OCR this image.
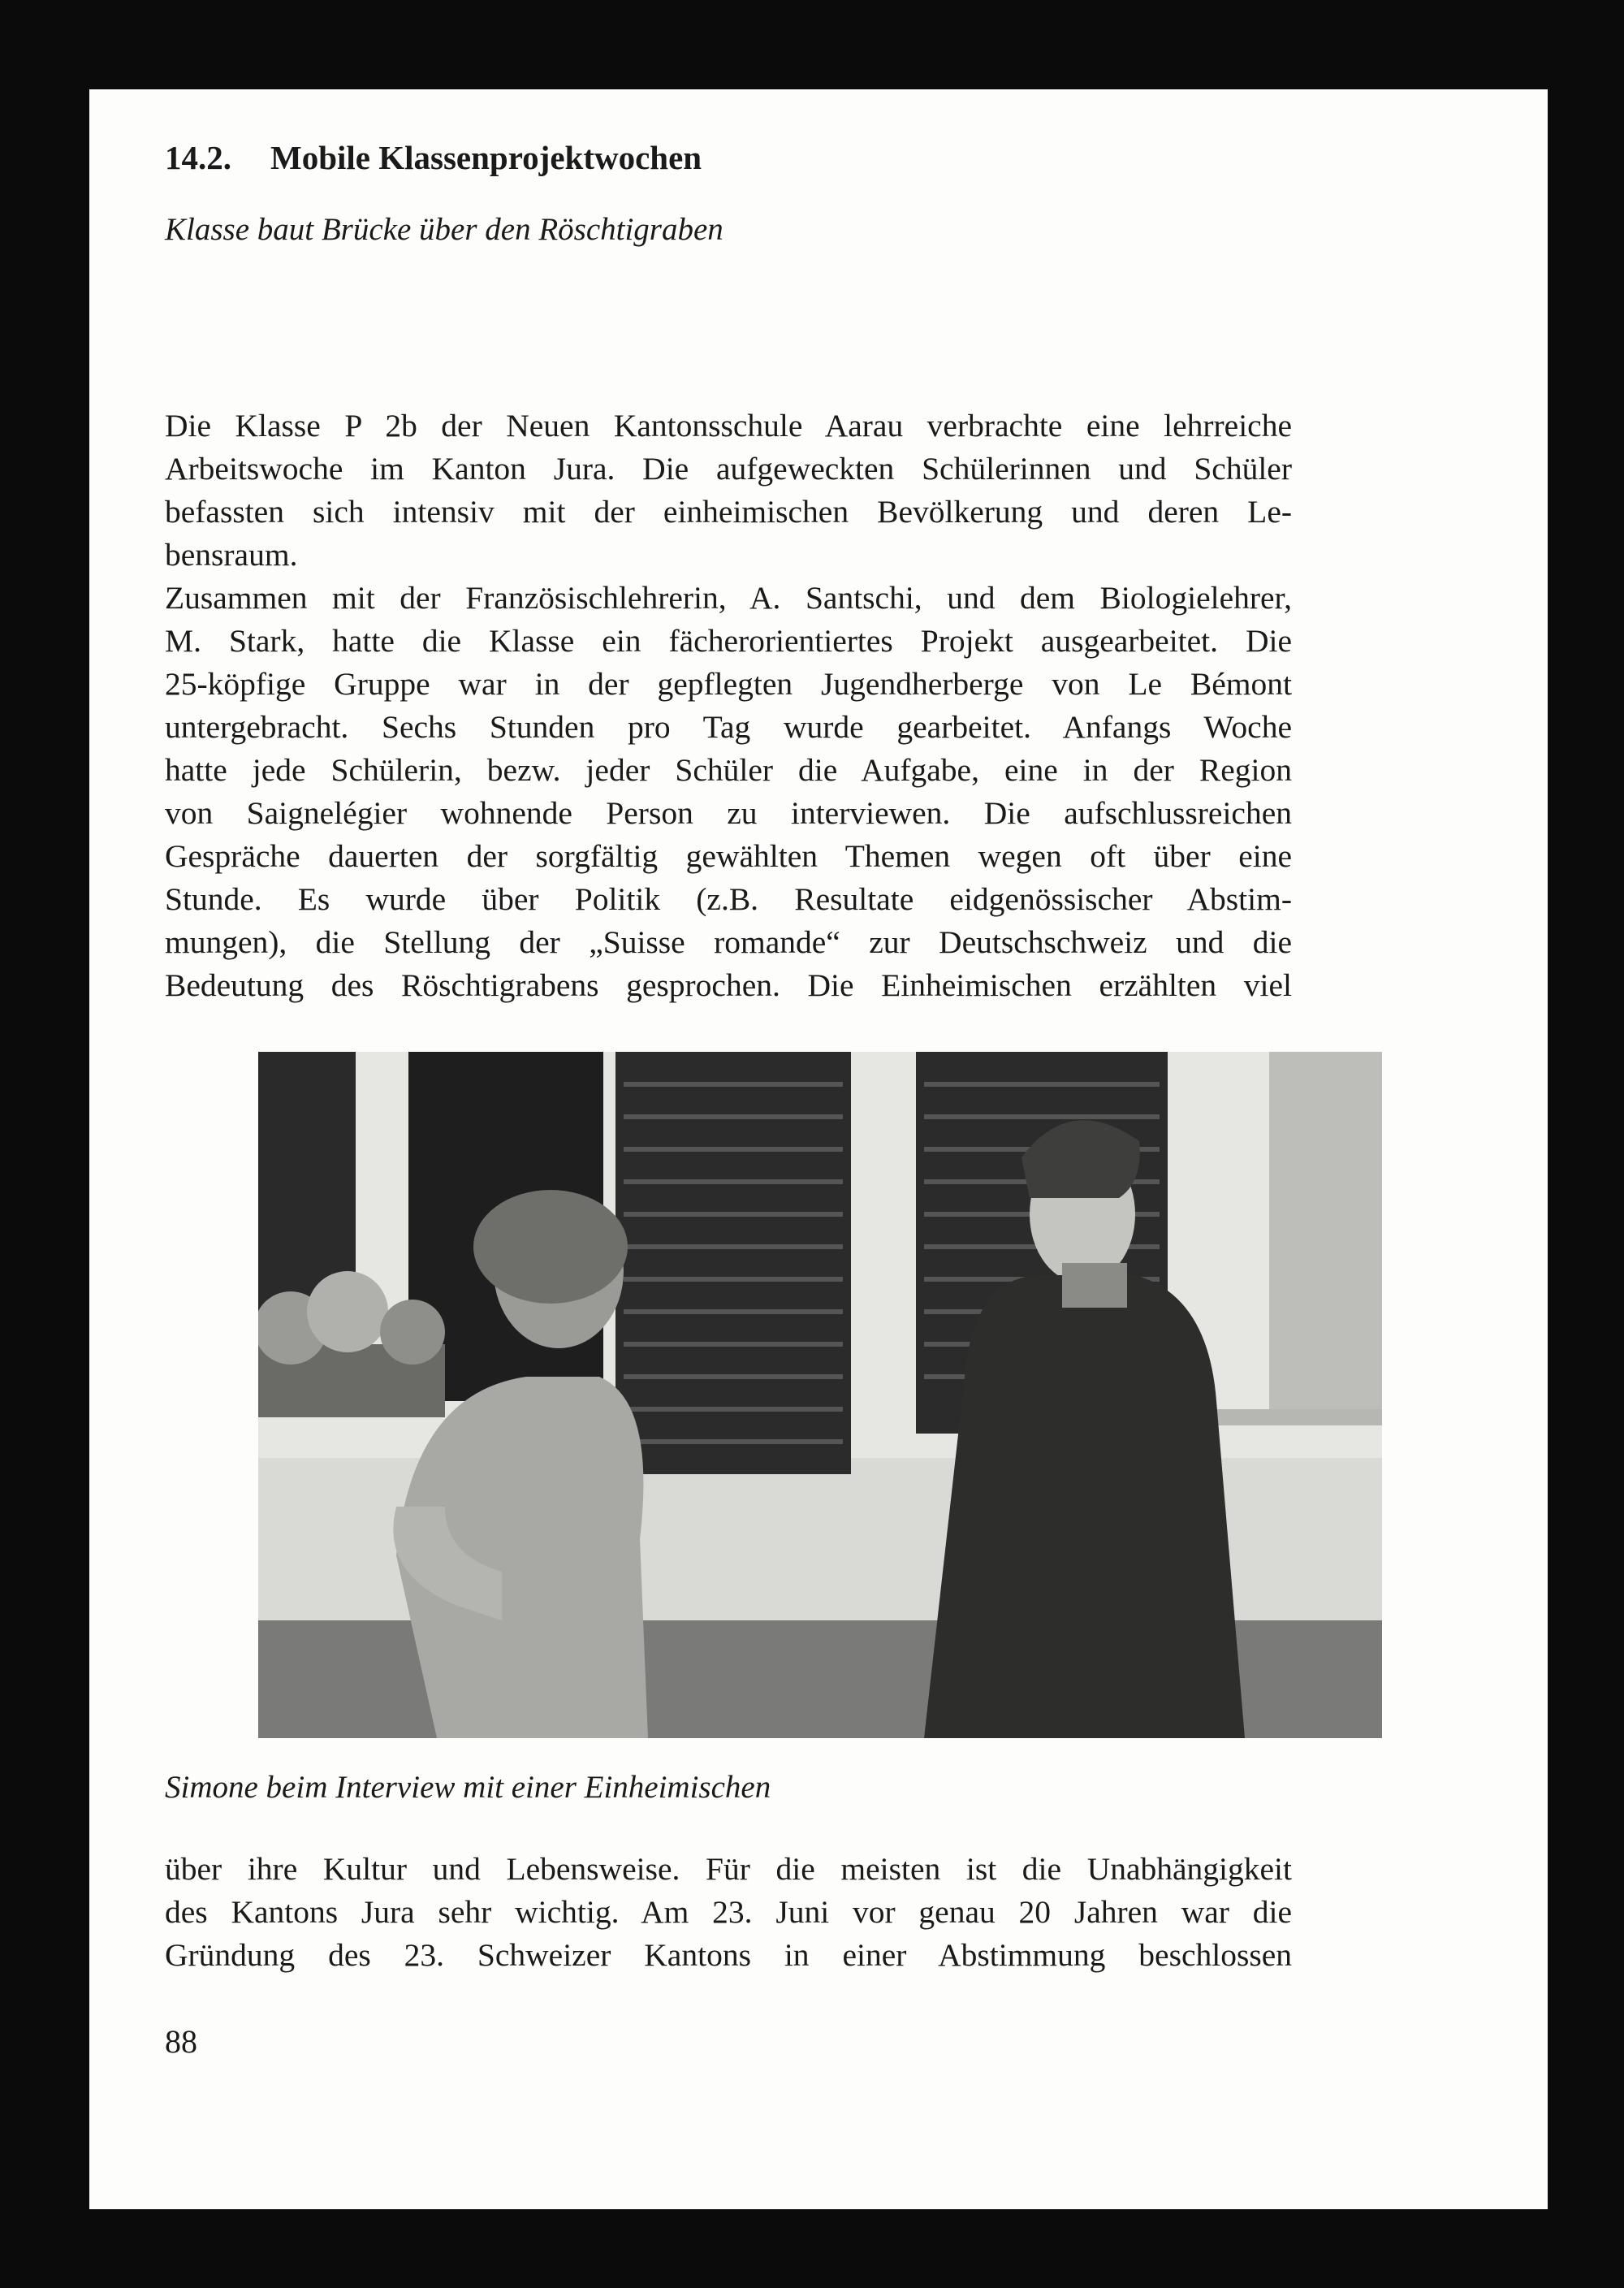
14.2. Mobile Klassenprojektwochen

Klasse baut Brücke über den Röschtigraben

Die Klasse P 2b der Neuen Kantonsschule Aarau verbrachte eine lehrreiche
Arbeitswoche im Kanton Jura. Die aufgeweckten Schülerinnen und Schüler
befassten sich intensiv mit der einheimischen Bevölkerung und deren Le-
bensraum.
Zusammen mit der Französischlehrerin, A. Santschi, und dem Biologielehrer,
M. Stark, hatte die Klasse ein fächerorientiertes Projekt ausgearbeitet. Die
25-köpfige Gruppe war in der gepflegten Jugendherberge von Le Bémont
untergebracht. Sechs Stunden pro Tag wurde gearbeitet. Anfangs Woche
hatte jede Schülerin, bezw. jeder Schüler die Aufgabe, eine in der Region
von Saignelégier wohnende Person zu interviewen. Die aufschlussreichen
Gespräche dauerten der sorgfältig gewählten Themen wegen oft über eine
Stunde. Es wurde über Politik (z.B. Resultate eidgenössischer Abstim-
mungen), die Stellung der „Suisse romande“ zur Deutschschweiz und die
Bedeutung des Röschtigrabens gesprochen. Die Einheimischen erzählten viel

Simone beim Interview mit einer Einheimischen

über ihre Kultur und Lebensweise. Für die meisten ist die Unabhängigkeit
des Kantons Jura sehr wichtig. Am 23. Juni vor genau 20 Jahren war die
Gründung des 23. Schweizer Kantons in einer Abstimmung beschlossen

88
